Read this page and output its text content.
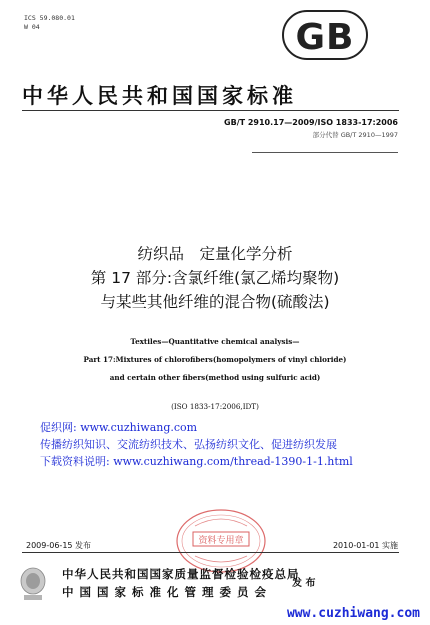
ICS 59.080.01
W 04	GB
中华人民共和国国家标准
GB/T 2910.17—2009/ISO 1833-17:2006
部分代替 GB/T 2910—1997
纺织品　定量化学分析
第 17 部分:含氯纤维(氯乙烯均聚物)
与某些其他纤维的混合物(硫酸法)
Textiles—Quantitative chemical analysis—
Part 17:Mixtures of chlorofibers(homopolymers of vinyl chloride)
and certain other fibers(method using sulfuric acid)
(ISO 1833-17:2006,IDT)
促织网: www.cuzhiwang.com
传播纺织知识、交流纺织技术、弘扬纺织文化、促进纺织发展
下载资料说明: www.cuzhiwang.com/thread-1390-1-1.html
资料专用章
2009-06-15 发布	2010-01-01 实施
中华人民共和国国家质量监督检验检疫总局
中 国 国 家 标 准 化 管 理 委 员 会
发 布
www.cuzhiwang.com
